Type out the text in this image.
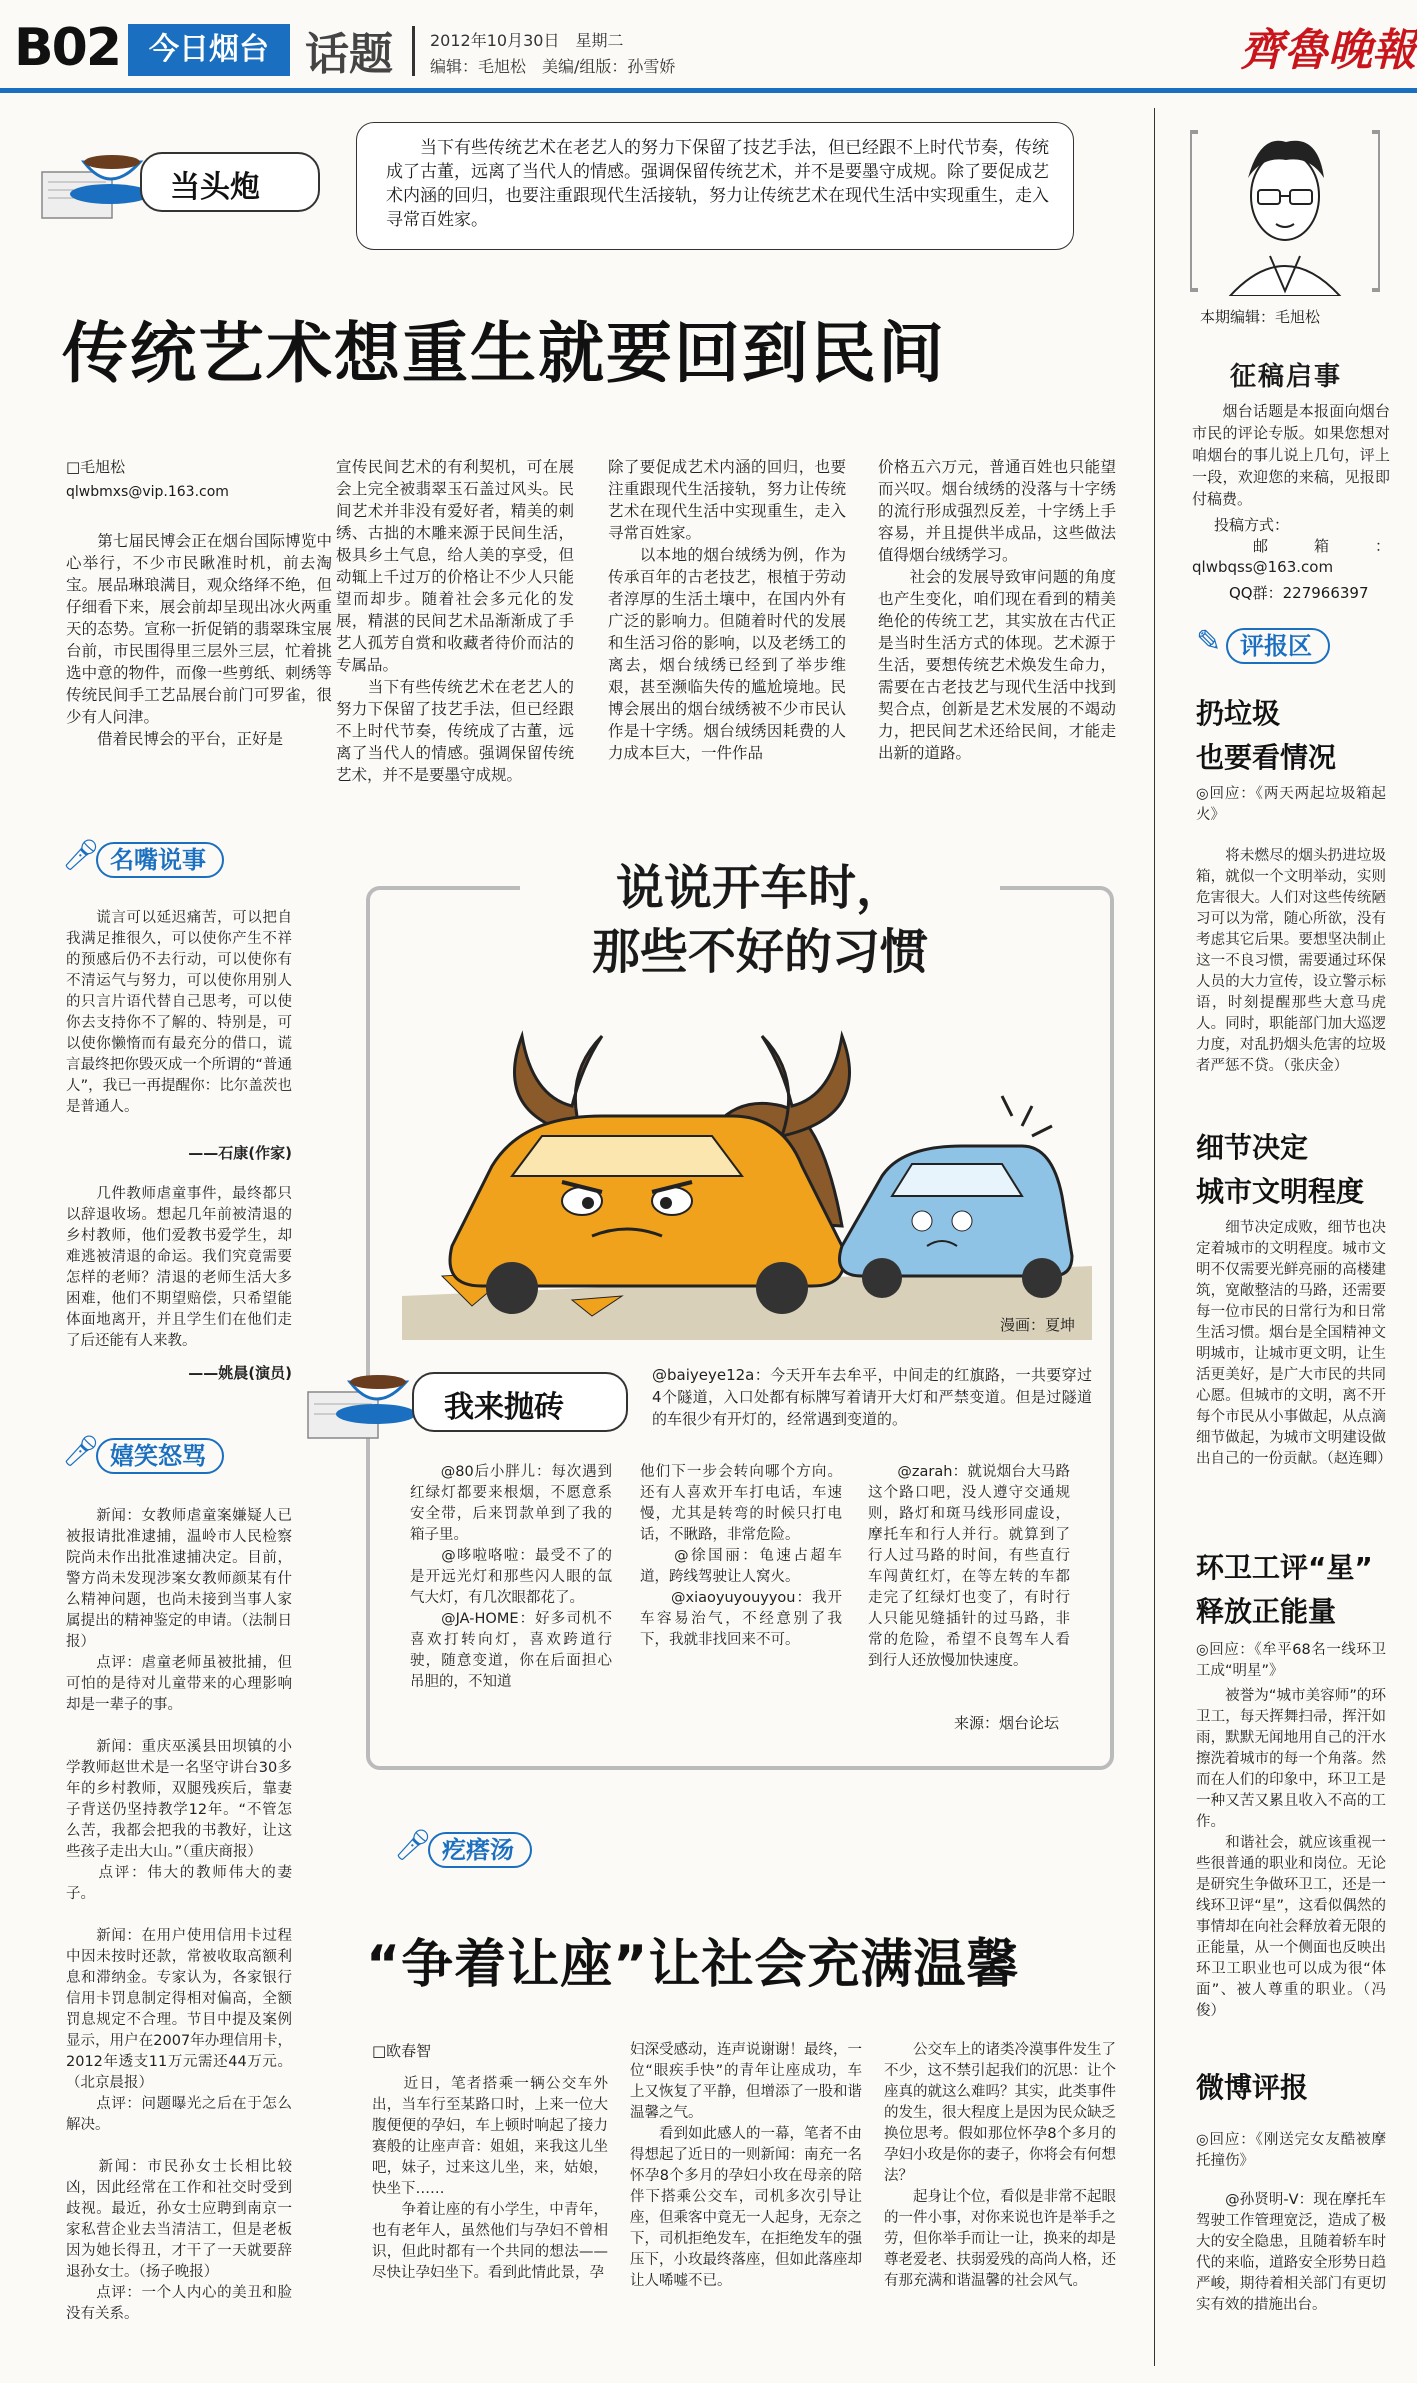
B02 今日烟台 话题 2012年10月30日　星期二
编辑：毛旭松　美编/组版：孙雪娇	齊魯晚報
当头炮
当下有些传统艺术在老艺人的努力下保留了技艺手法，但已经跟不上时代节奏，传统成了古董，远离了当代人的情感。强调保留传统艺术，并不是要墨守成规。除了要促成艺术内涵的回归，也要注重跟现代生活接轨，努力让传统艺术在现代生活中实现重生，走入寻常百姓家。
传统艺术想重生就要回到民间
□毛旭松
qlwbmxs@vip.163.com
　　第七届民博会正在烟台国际博览中心举行，不少市民瞅准时机，前去淘宝。展品琳琅满目，观众络绎不绝，但仔细看下来，展会前却呈现出冰火两重天的态势。宣称一折促销的翡翠珠宝展台前，市民围得里三层外三层，忙着挑选中意的物件，而像一些剪纸、刺绣等传统民间手工艺品展台前门可罗雀，很少有人问津。
　　借着民博会的平台，正好是
宣传民间艺术的有利契机，可在展会上完全被翡翠玉石盖过风头。民间艺术并非没有爱好者，精美的刺绣、古拙的木雕来源于民间生活，极具乡土气息，给人美的享受，但动辄上千过万的价格让不少人只能望而却步。随着社会多元化的发展，精湛的民间艺术品渐渐成了手艺人孤芳自赏和收藏者待价而沽的专属品。
　　当下有些传统艺术在老艺人的努力下保留了技艺手法，但已经跟不上时代节奏，传统成了古董，远离了当代人的情感。强调保留传统艺术，并不是要墨守成规。
除了要促成艺术内涵的回归，也要注重跟现代生活接轨，努力让传统艺术在现代生活中实现重生，走入寻常百姓家。
　　以本地的烟台绒绣为例，作为传承百年的古老技艺，根植于劳动者淳厚的生活土壤中，在国内外有广泛的影响力。但随着时代的发展和生活习俗的影响，以及老绣工的离去，烟台绒绣已经到了举步维艰，甚至濒临失传的尴尬境地。民博会展出的烟台绒绣被不少市民认作是十字绣。烟台绒绣因耗费的人力成本巨大，一件作品
价格五六万元，普通百姓也只能望而兴叹。烟台绒绣的没落与十字绣的流行形成强烈反差，十字绣上手容易，并且提供半成品，这些做法值得烟台绒绣学习。
　　社会的发展导致审问题的角度也产生变化，咱们现在看到的精美绝伦的传统工艺，其实放在古代正是当时生活方式的体现。艺术源于生活，要想传统艺术焕发生命力，需要在古老技艺与现代生活中找到契合点，创新是艺术发展的不竭动力，把民间艺术还给民间，才能走出新的道路。
本期编辑：毛旭松
征稿启事
　　烟台话题是本报面向烟台市民的评论专版。如果您想对咱烟台的事儿说上几句，评上一段，欢迎您的来稿，见报即付稿费。
投稿方式：
　邮箱：qlwbqss@163.com
　QQ群：227966397
✎ 评报区
扔垃圾
也要看情况
◎回应：《两天两起垃圾箱起火》
　　将未燃尽的烟头扔进垃圾箱，就似一个文明举动，实则危害很大。人们对这些传统陋习可以为常，随心所欲，没有考虑其它后果。要想坚决制止这一不良习惯，需要通过环保人员的大力宣传，设立警示标语，时刻提醒那些大意马虎人。同时，职能部门加大巡逻力度，对乱扔烟头危害的垃圾者严惩不贷。（张庆金）
细节决定
城市文明程度
　　细节决定成败，细节也决定着城市的文明程度。城市文明不仅需要光鲜亮丽的高楼建筑，宽敞整洁的马路，还需要每一位市民的日常行为和日常生活习惯。烟台是全国精神文明城市，让城市更文明，让生活更美好，是广大市民的共同心愿。但城市的文明，离不开每个市民从小事做起，从点滴细节做起，为城市文明建设做出自己的一份贡献。（赵连卿）
环卫工评“星”
释放正能量
◎回应：《牟平68名一线环卫工成“明星”》
　　被誉为“城市美容师”的环卫工，每天挥舞扫帚，挥汗如雨，默默无闻地用自己的汗水擦洗着城市的每一个角落。然而在人们的印象中，环卫工是一种又苦又累且收入不高的工作。
　　和谐社会，就应该重视一些很普通的职业和岗位。无论是研究生争做环卫工，还是一线环卫评“星”，这看似偶然的事情却在向社会释放着无限的正能量，从一个侧面也反映出环卫工职业也可以成为很“体面”、被人尊重的职业。（冯俊）
微博评报
◎回应：《刚送完女友酷被摩托撞伤》
　　@孙贤明-V：现在摩托车驾驶工作管理宽泛，造成了极大的安全隐患，且随着轿车时代的来临，道路安全形势日趋严峻，期待着相关部门有更切实有效的措施出台。
🎤︎ 名嘴说事
　　谎言可以延迟痛苦，可以把自我满足推很久，可以使你产生不祥的预感后仍不去行动，可以使你有不清运气与努力，可以使你用别人的只言片语代替自己思考，可以使你去支持你不了解的、特别是，可以使你懒惰而有最充分的借口，谎言最终把你毁灭成一个所谓的“普通人”，我已一再提醒你：比尔盖茨也是普通人。
——石康(作家)
　　几件教师虐童事件，最终都只以辞退收场。想起几年前被清退的乡村教师，他们爱教书爱学生，却难逃被清退的命运。我们究竟需要怎样的老师？清退的老师生活大多困难，他们不期望赔偿，只希望能体面地离开，并且学生们在他们走了后还能有人来教。
——姚晨(演员)
🎤︎ 嬉笑怒骂
　　新闻：女教师虐童案嫌疑人已被报请批准逮捕，温岭市人民检察院尚未作出批准逮捕决定。目前，警方尚未发现涉案女教师颜某有什么精神问题，也尚未接到当事人家属提出的精神鉴定的申请。（法制日报）
　　点评：虐童老师虽被批捕，但可怕的是待对儿童带来的心理影响却是一辈子的事。

　　新闻：重庆巫溪县田坝镇的小学教师赵世术是一名坚守讲台30多年的乡村教师，双腿残疾后，靠妻子背送仍坚持教学12年。“不管怎么苦，我都会把我的书教好，让这些孩子走出大山。”（重庆商报）
　　点评：伟大的教师伟大的妻子。

　　新闻：在用户使用信用卡过程中因未按时还款，常被收取高额利息和滞纳金。专家认为，各家银行信用卡罚息制定得相对偏高，全额罚息规定不合理。节目中提及案例显示，用户在2007年办理信用卡，2012年透支11万元需还44万元。（北京晨报）
　　点评：问题曝光之后在于怎么解决。

　　新闻：市民孙女士长相比较凶，因此经常在工作和社交时受到歧视。最近，孙女士应聘到南京一家私营企业去当清洁工，但是老板因为她长得丑，才干了一天就要辞退孙女士。（扬子晚报）
　　点评：一个人内心的美丑和脸没有关系。
说说开车时，
那些不好的习惯
漫画：夏坤
我来抛砖
@baiyeye12a：今天开车去牟平，中间走的红旗路，一共要穿过4个隧道，入口处都有标牌写着请开大灯和严禁变道。但是过隧道的车很少有开灯的，经常遇到变道的。
　　@80后小胖儿：每次遇到红绿灯都要来根烟，不愿意系安全带，后来罚款单到了我的箱子里。
　　@哆啦咯啦：最受不了的是开远光灯和那些闪人眼的氙气大灯，有几次眼都花了。
　　@JA-HOME：好多司机不喜欢打转向灯，喜欢跨道行驶，随意变道，你在后面担心吊胆的，不知道
他们下一步会转向哪个方向。还有人喜欢开车打电话，车速慢，尤其是转弯的时候只打电话，不瞅路，非常危险。
　　@徐国丽：龟速占超车道，跨线驾驶让人窝火。
　　@xiaoyuyouyyou：我开车容易治气，不经意别了我下，我就非找回来不可。
　　@zarah：就说烟台大马路这个路口吧，没人遵守交通规则，路灯和斑马线形同虚设，摩托车和行人并行。就算到了行人过马路的时间，有些直行车闯黄红灯，在等左转的车都走完了红绿灯也变了，有时行人只能见缝插针的过马路，非常的危险，希望不良驾车人看到行人还放慢加快速度。
来源：烟台论坛
🎤︎ 疙瘩汤
“争着让座”让社会充满温馨
□欧春智
　　近日，笔者搭乘一辆公交车外出，当车行至某路口时，上来一位大腹便便的孕妇，车上顿时响起了接力赛般的让座声音：姐姐，来我这儿坐吧，妹子，过来这儿坐，来，姑娘，快坐下……
　　争着让座的有小学生，中青年，也有老年人，虽然他们与孕妇不曾相识，但此时都有一个共同的想法——尽快让孕妇坐下。看到此情此景，孕
妇深受感动，连声说谢谢！最终，一位“眼疾手快”的青年让座成功，车上又恢复了平静，但增添了一股和谐温馨之气。
　　看到如此感人的一幕，笔者不由得想起了近日的一则新闻：南充一名怀孕8个多月的孕妇小玫在母亲的陪伴下搭乘公交车，司机多次引导让座，但乘客中竟无一人起身，无奈之下，司机拒绝发车，在拒绝发车的强压下，小玫最终落座，但如此落座却让人唏嘘不已。
　　公交车上的诸类冷漠事件发生了不少，这不禁引起我们的沉思：让个座真的就这么难吗？其实，此类事件的发生，很大程度上是因为民众缺乏换位思考。假如那位怀孕8个多月的孕妇小玫是你的妻子，你将会有何想法？
　　起身让个位，看似是非常不起眼的一件小事，对你来说也许是举手之劳，但你举手而让一让，换来的却是尊老爱老、扶弱爱残的高尚人格，还有那充满和谐温馨的社会风气。
